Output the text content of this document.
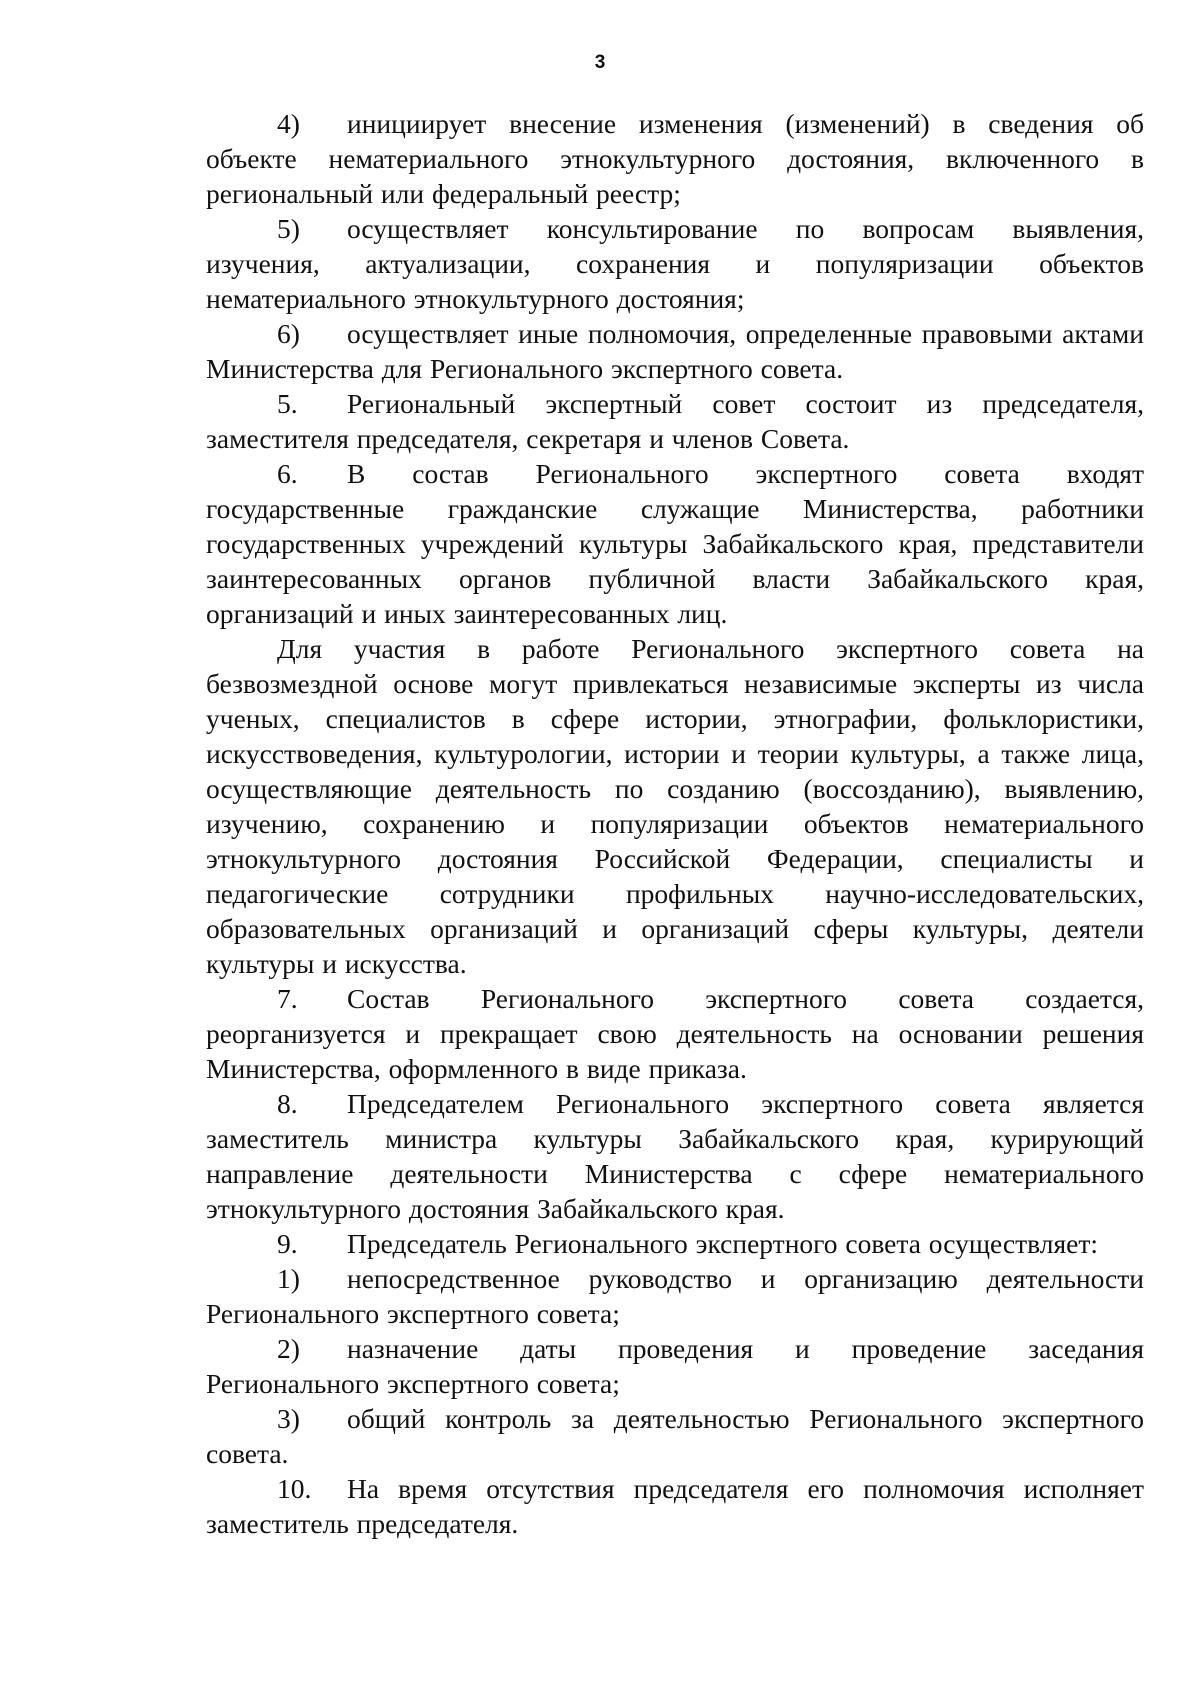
3

4) инициирует внесение изменения (изменений) в сведения об объекте нематериального этнокультурного достояния, включенного в региональный или федеральный реестр;

5) осуществляет консультирование по вопросам выявления, изучения, актуализации, сохранения и популяризации объектов нематериального этнокультурного достояния;

6) осуществляет иные полномочия, определенные правовыми актами Министерства для Регионального экспертного совета.

5. Региональный экспертный совет состоит из председателя, заместителя председателя, секретаря и членов Совета.

6. В состав Регионального экспертного совета входят государственные гражданские служащие Министерства, работники государственных учреждений культуры Забайкальского края, представители заинтересованных органов публичной власти Забайкальского края, организаций и иных заинтересованных лиц.

Для участия в работе Регионального экспертного совета на безвозмездной основе могут привлекаться независимые эксперты из числа ученых, специалистов в сфере истории, этнографии, фольклористики, искусствоведения, культурологии, истории и теории культуры, а также лица, осуществляющие деятельность по созданию (воссозданию), выявлению, изучению, сохранению и популяризации объектов нематериального этнокультурного достояния Российской Федерации, специалисты и педагогические сотрудники профильных научно-исследовательских, образовательных организаций и организаций сферы культуры, деятели культуры и искусства.

7. Состав Регионального экспертного совета создается, реорганизуется и прекращает свою деятельность на основании решения Министерства, оформленного в виде приказа.

8. Председателем Регионального экспертного совета является заместитель министра культуры Забайкальского края, курирующий направление деятельности Министерства с сфере нематериального этнокультурного достояния Забайкальского края.

9. Председатель Регионального экспертного совета осуществляет:

1) непосредственное руководство и организацию деятельности Регионального экспертного совета;

2) назначение даты проведения и проведение заседания Регионального экспертного совета;

3) общий контроль за деятельностью Регионального экспертного совета.

10. На время отсутствия председателя его полномочия исполняет заместитель председателя.
